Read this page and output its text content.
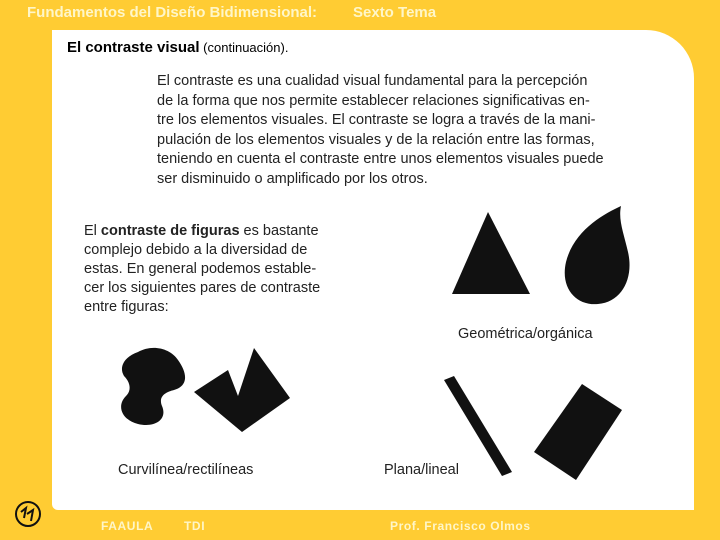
Fundamentos del Diseño Bidimensional: Sexto Tema
El contraste visual (continuación).
El contraste es una cualidad visual fundamental para la percepción
de la forma que nos permite establecer relaciones significativas en-
tre los elementos visuales. El contraste se logra a través de la mani-
pulación de los elementos visuales y de la relación entre las formas,
teniendo en cuenta el contraste entre unos elementos visuales puede
ser disminuido o amplificado por los otros.
El contraste de figuras es bastante
complejo debido a la diversidad de
estas. En general podemos estable-
cer los siguientes pares de contraste
entre figuras:
Geométrica/orgánica
Curvilínea/rectilíneas	Plana/lineal
FAAULA	TDI	Prof. Francisco Olmos
